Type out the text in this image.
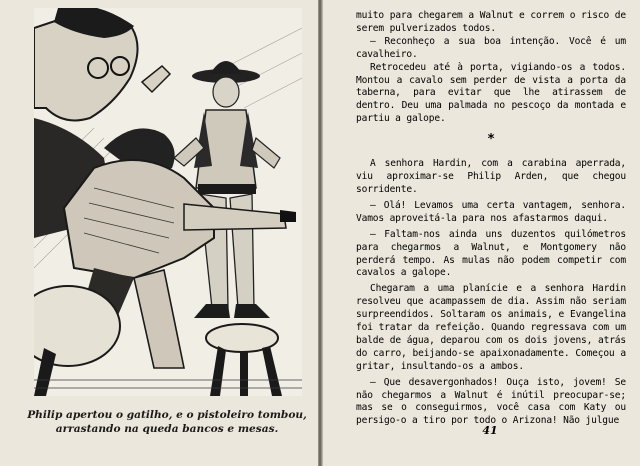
Philip apertou o gatilho, e o pistoleiro tombou, arrastando na queda bancos e mesas.

muito para chegarem a Walnut e correm o risco de serem pulverizados todos.

— Reconheço a sua boa intenção. Você é um cavalheiro.

Retrocedeu até à porta, vigiando-os a todos. Montou a cavalo sem perder de vista a porta da taberna, para evitar que lhe atirassem de dentro. Deu uma palmada no pescoço da montada e partiu a galope.

*

A senhora Hardin, com a carabina aperrada, viu aproximar-se Philip Arden, que chegou sorridente.

— Olá! Levamos uma certa vantagem, senhora. Vamos aproveitá-la para nos afastarmos daqui.

— Faltam-nos ainda uns duzentos quilómetros para chegarmos a Walnut, e Montgomery não perderá tempo. As mulas não podem competir com cavalos a galope.

Chegaram a uma planície e a senhora Hardin resolveu que acampassem de dia. Assim não seriam surpreendidos. Soltaram os animais, e Evangelina foi tratar da refeição. Quando regressava com um balde de água, deparou com os dois jovens, atrás do carro, beijando-se apaixonadamente. Começou a gritar, insultando-os a ambos.

— Que desavergonhados! Ouça isto, jovem! Se não chegarmos a Walnut é inútil preocupar-se; mas se o conseguirmos, você casa com Katy ou persigo-o a tiro por todo o Arizona! Não julgue

41
